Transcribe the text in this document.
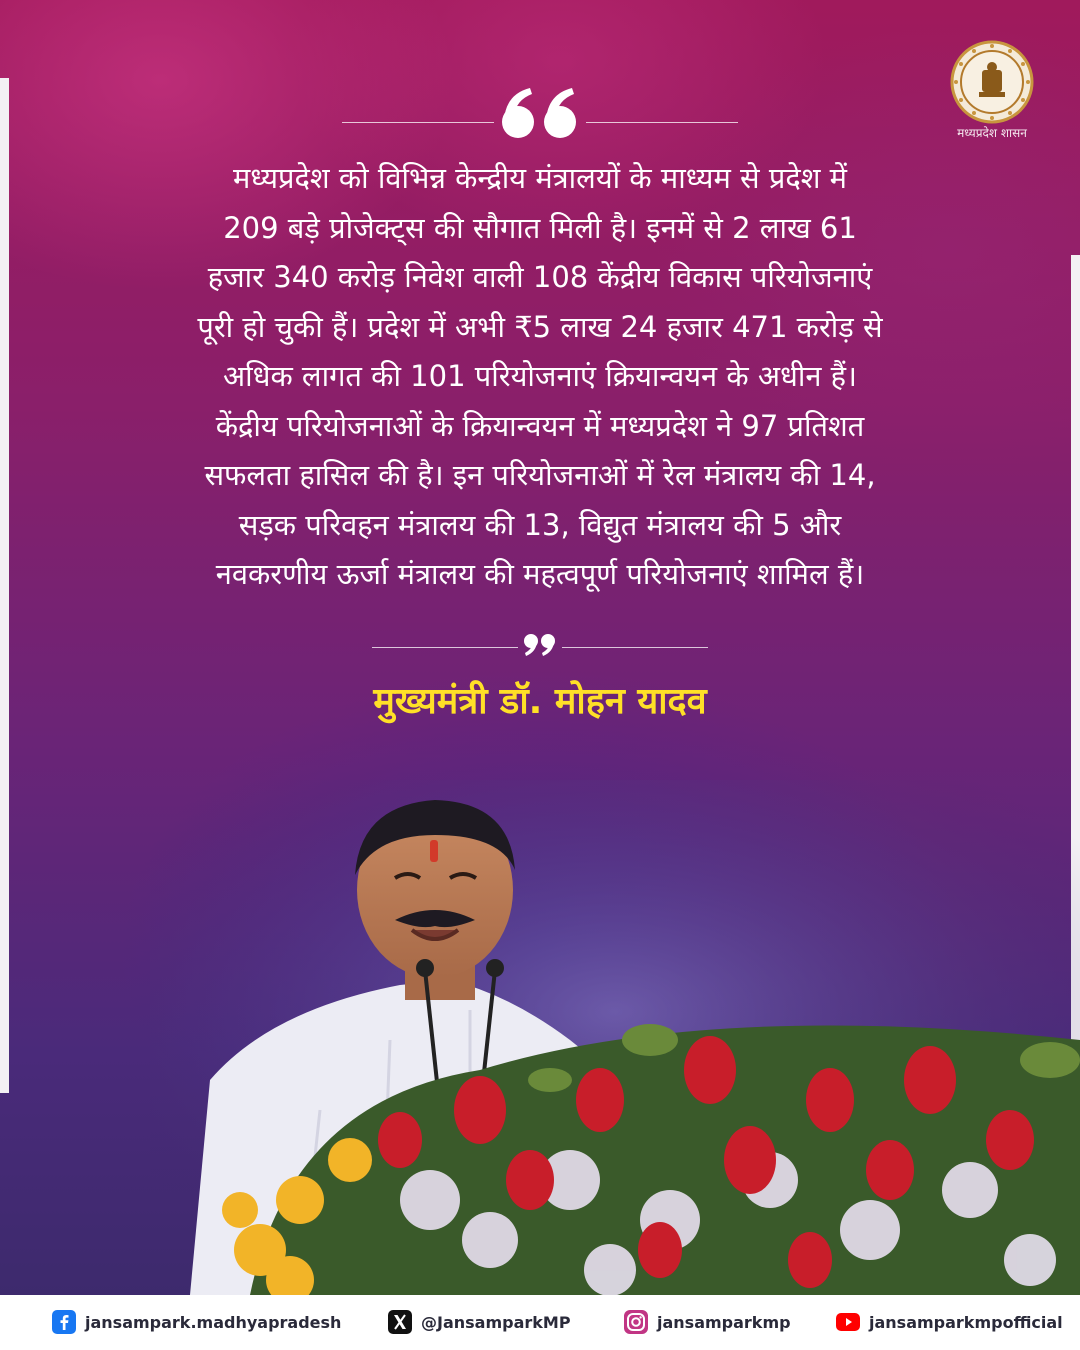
मध्यप्रदेश शासन
मध्यप्रदेश को विभिन्न केन्द्रीय मंत्रालयों के माध्यम से प्रदेश में
209 बड़े प्रोजेक्ट्स की सौगात मिली है। इनमें से 2 लाख 61
हजार 340 करोड़ निवेश वाली 108 केंद्रीय विकास परियोजनाएं
पूरी हो चुकी हैं। प्रदेश में अभी ₹5 लाख 24 हजार 471 करोड़ से
अधिक लागत की 101 परियोजनाएं क्रियान्वयन के अधीन हैं।
केंद्रीय परियोजनाओं के क्रियान्वयन में मध्यप्रदेश ने 97 प्रतिशत
सफलता हासिल की है। इन परियोजनाओं में रेल मंत्रालय की 14,
सड़क परिवहन मंत्रालय की 13, विद्युत मंत्रालय की 5 और
नवकरणीय ऊर्जा मंत्रालय की महत्वपूर्ण परियोजनाएं शामिल हैं।
मुख्यमंत्री डॉ. मोहन यादव
jansampark.madhyapradesh	@JansamparkMP	jansamparkmp	jansamparkmpofficial
